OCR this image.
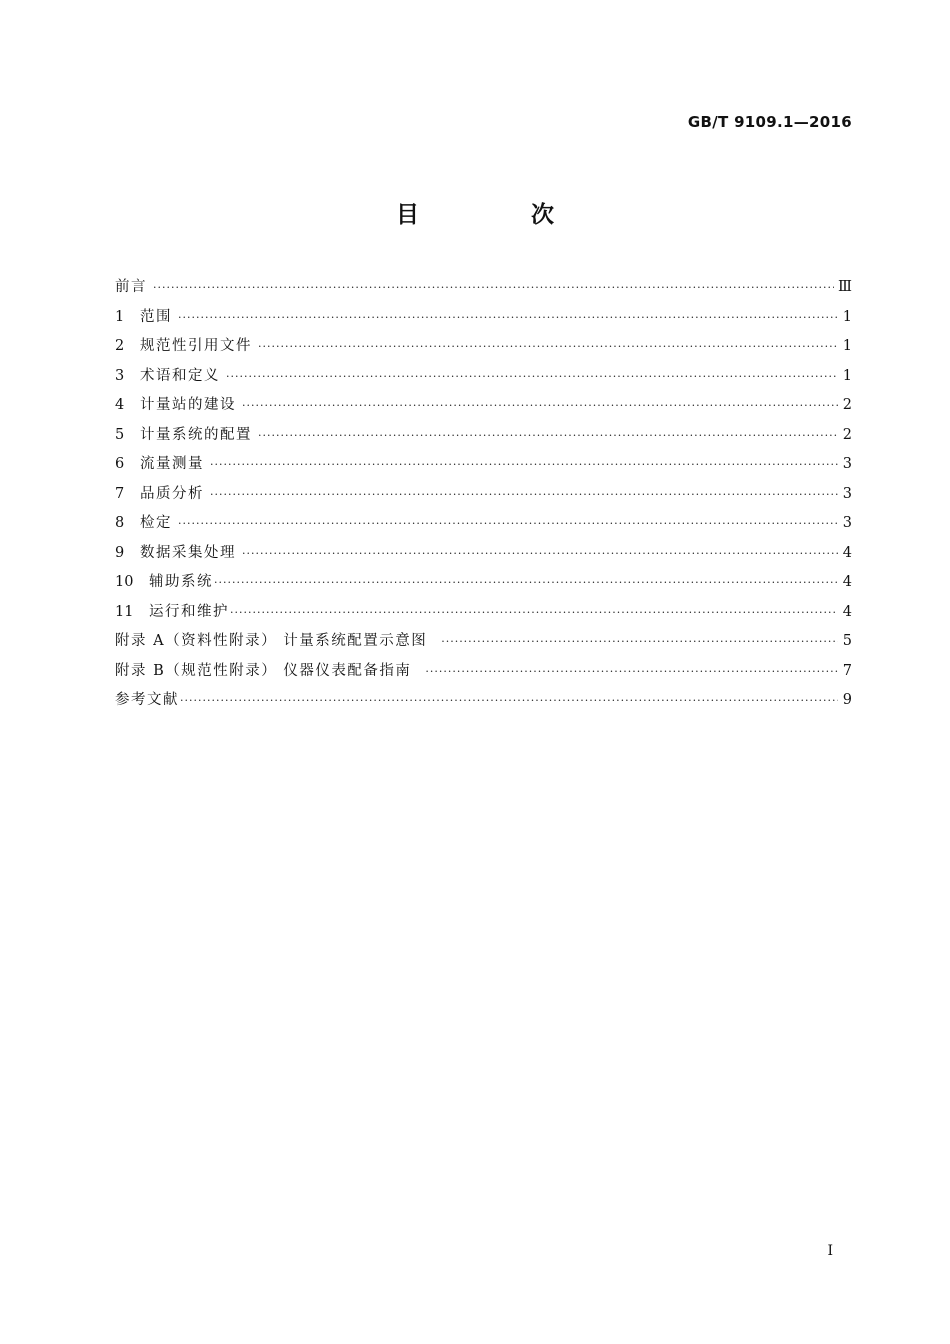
GB/T 9109.1—2016
目 次
前言 ·····	Ⅲ
1	范围 ·····	1
2	规范性引用文件 ·····	1
3	术语和定义 ·····	1
4	计量站的建设 ·····	2
5	计量系统的配置 ·····	2
6	流量测量 ·····	3
7	品质分析 ·····	3
8	检定 ·····	3
9	数据采集处理 ·····	4
10	辅助系统 ·····	4
11	运行和维护 ·····	4
附录 A（资料性附录） 计量系统配置示意图 ·····	5
附录 B（规范性附录） 仪器仪表配备指南 ·····	7
参考文献 ·····	9
I
